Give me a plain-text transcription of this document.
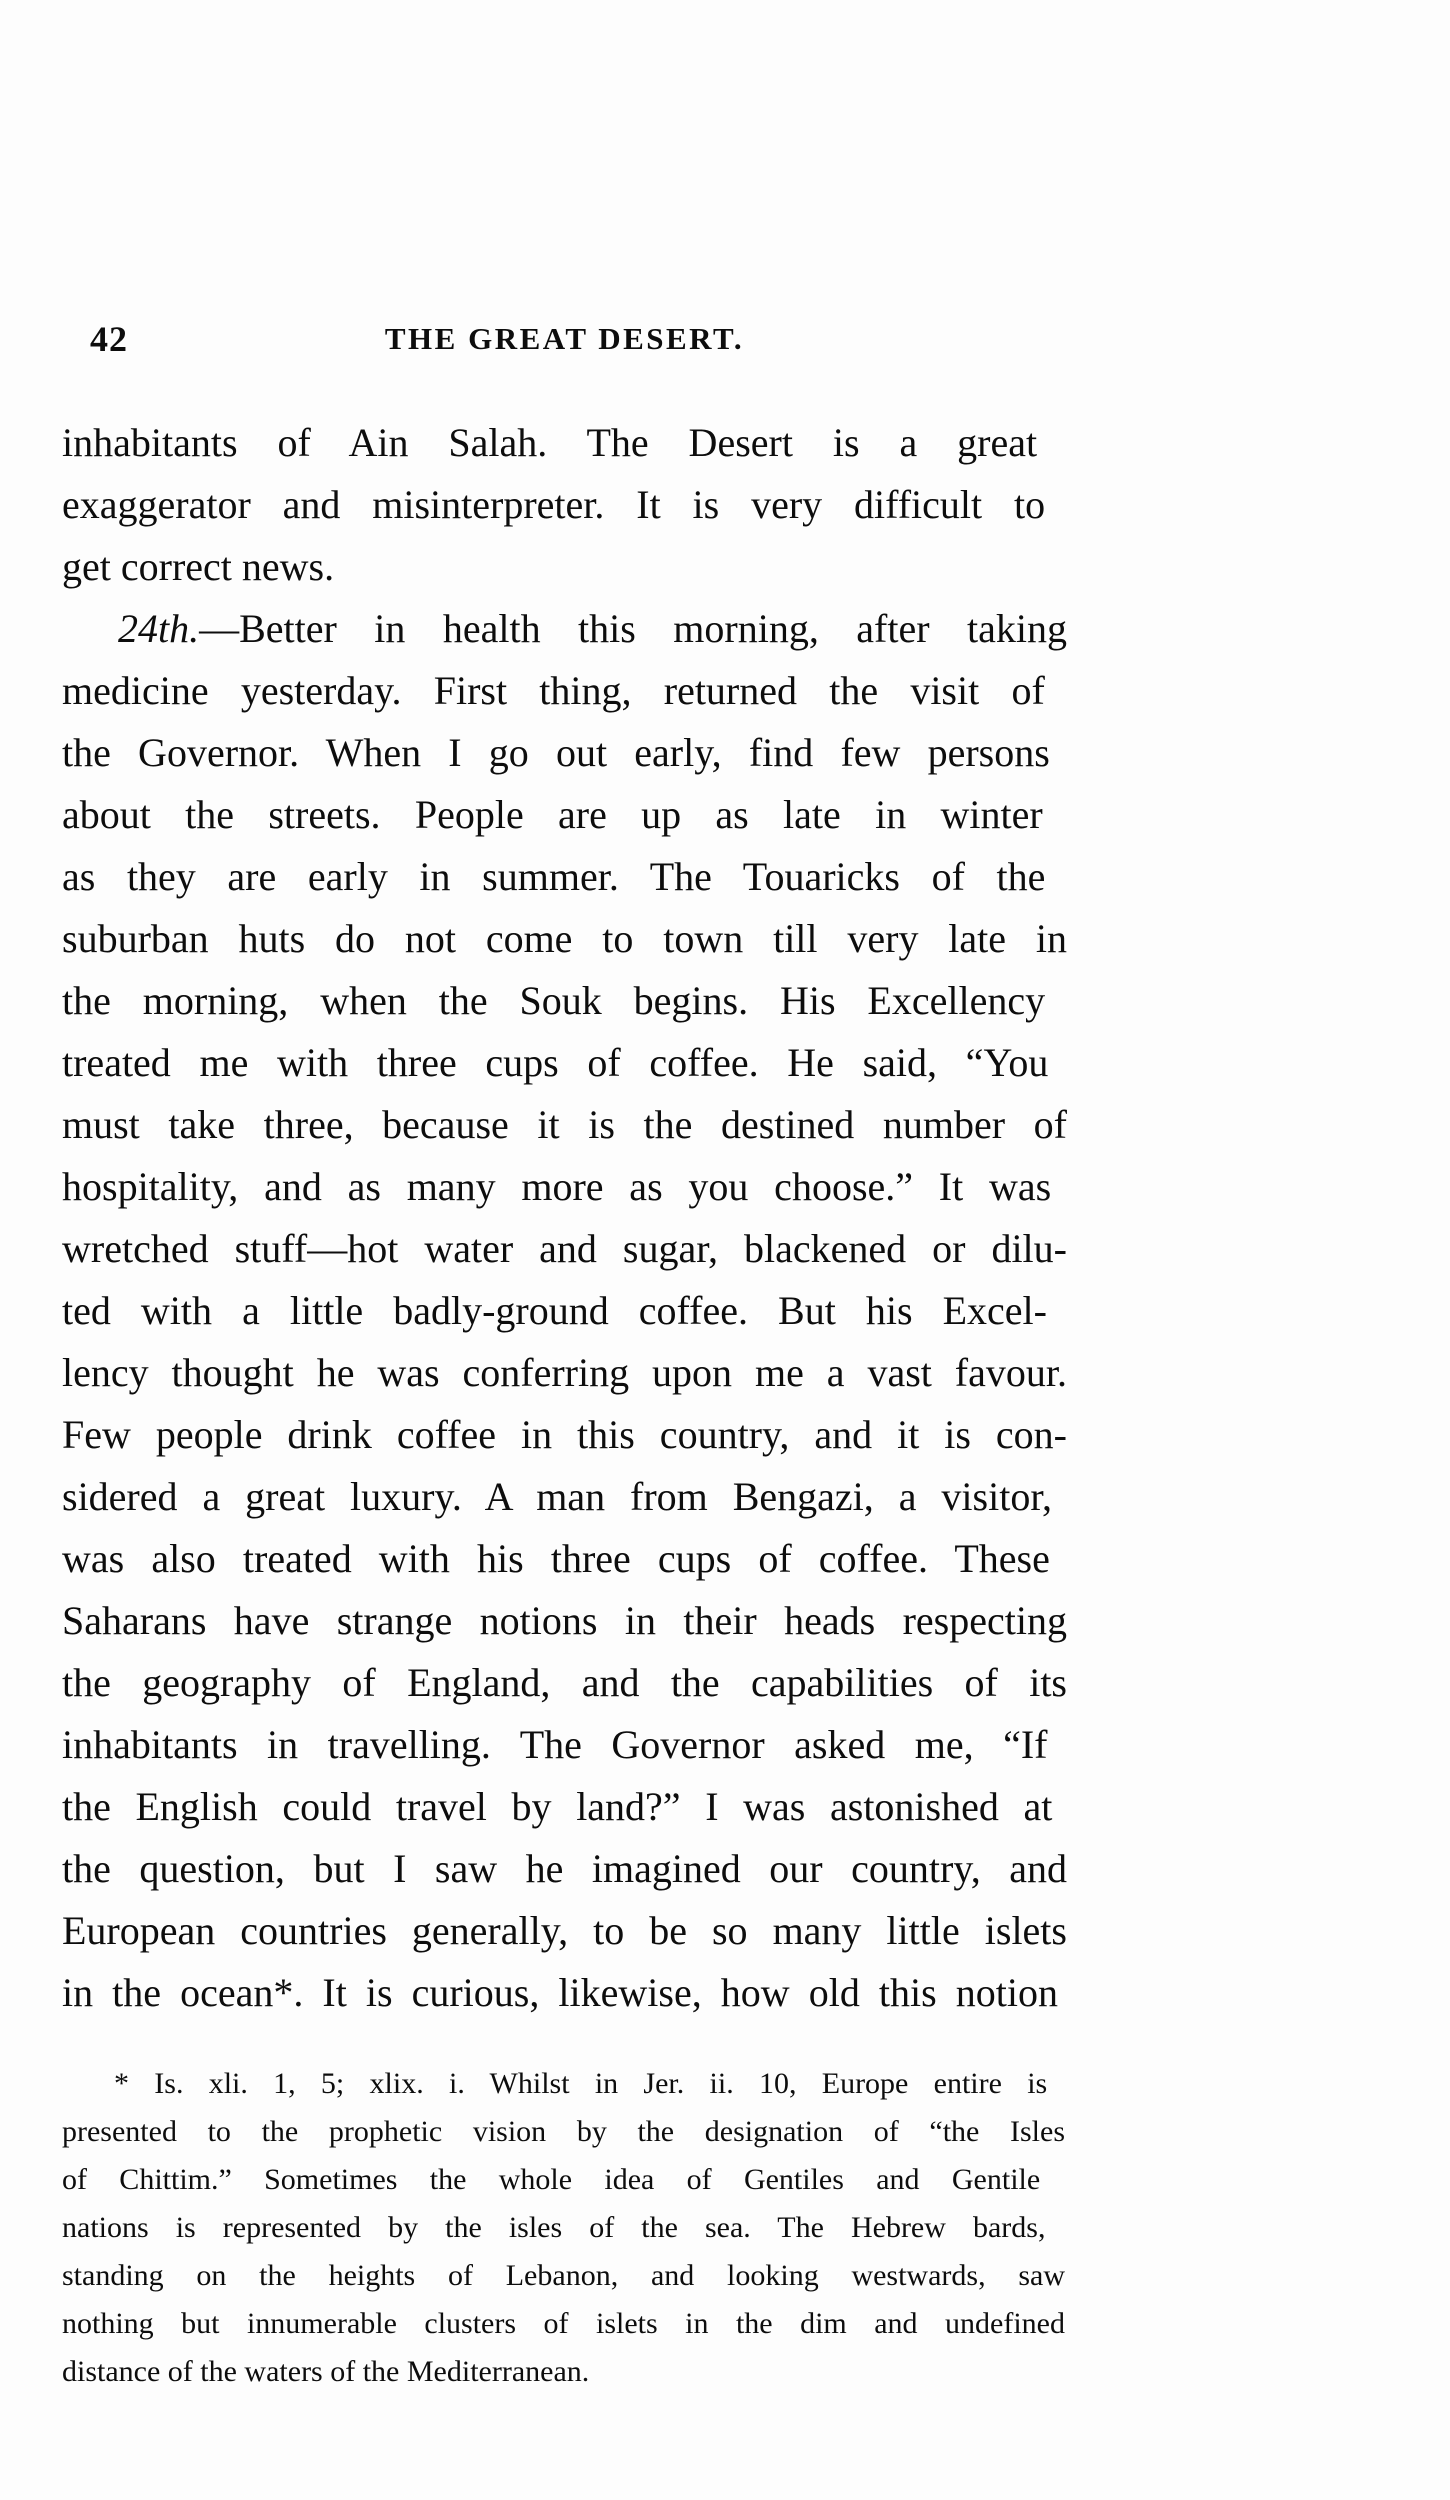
42	THE GREAT DESERT.
inhabitants of Ain Salah. The Desert is a great
exaggerator and misinterpreter. It is very difficult to
get correct news.
24th.—Better in health this morning, after taking
medicine yesterday. First thing, returned the visit of
the Governor. When I go out early, find few persons
about the streets. People are up as late in winter
as they are early in summer. The Touaricks of the
suburban huts do not come to town till very late in
the morning, when the Souk begins. His Excellency
treated me with three cups of coffee. He said, “You
must take three, because it is the destined number of
hospitality, and as many more as you choose.” It was
wretched stuff—hot water and sugar, blackened or dilu-
ted with a little badly-ground coffee. But his Excel-
lency thought he was conferring upon me a vast favour.
Few people drink coffee in this country, and it is con-
sidered a great luxury. A man from Bengazi, a visitor,
was also treated with his three cups of coffee. These
Saharans have strange notions in their heads respecting
the geography of England, and the capabilities of its
inhabitants in travelling. The Governor asked me, “If
the English could travel by land?” I was astonished at
the question, but I saw he imagined our country, and
European countries generally, to be so many little islets
in the ocean*. It is curious, likewise, how old this notion
* Is. xli. 1, 5; xlix. i. Whilst in Jer. ii. 10, Europe entire is
presented to the prophetic vision by the designation of “the Isles
of Chittim.” Sometimes the whole idea of Gentiles and Gentile
nations is represented by the isles of the sea. The Hebrew bards,
standing on the heights of Lebanon, and looking westwards, saw
nothing but innumerable clusters of islets in the dim and undefined
distance of the waters of the Mediterranean.
